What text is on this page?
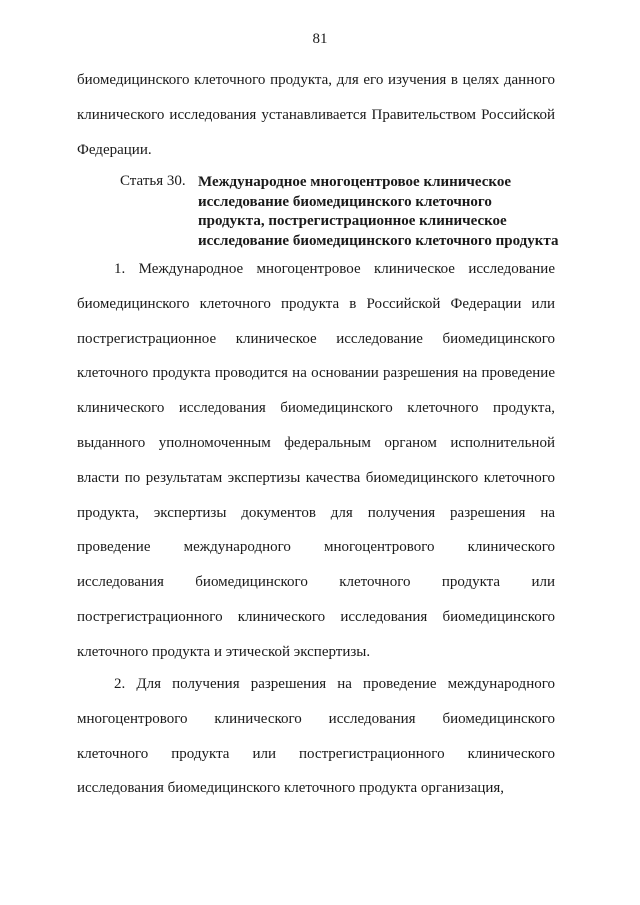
81
биомедицинского клеточного продукта, для его изучения в целях данного клинического исследования устанавливается Правительством Российской Федерации.
Статья 30. Международное многоцентровое клиническое исследование биомедицинского клеточного продукта, пострегистрационное клиническое исследование биомедицинского клеточного продукта
1. Международное многоцентровое клиническое исследование биомедицинского клеточного продукта в Российской Федерации или пострегистрационное клиническое исследование биомедицинского клеточного продукта проводится на основании разрешения на проведение клинического исследования биомедицинского клеточного продукта, выданного уполномоченным федеральным органом исполнительной власти по результатам экспертизы качества биомедицинского клеточного продукта, экспертизы документов для получения разрешения на проведение международного многоцентрового клинического исследования биомедицинского клеточного продукта или пострегистрационного клинического исследования биомедицинского клеточного продукта и этической экспертизы.
2. Для получения разрешения на проведение международного многоцентрового клинического исследования биомедицинского клеточного продукта или пострегистрационного клинического исследования биомедицинского клеточного продукта организация,
